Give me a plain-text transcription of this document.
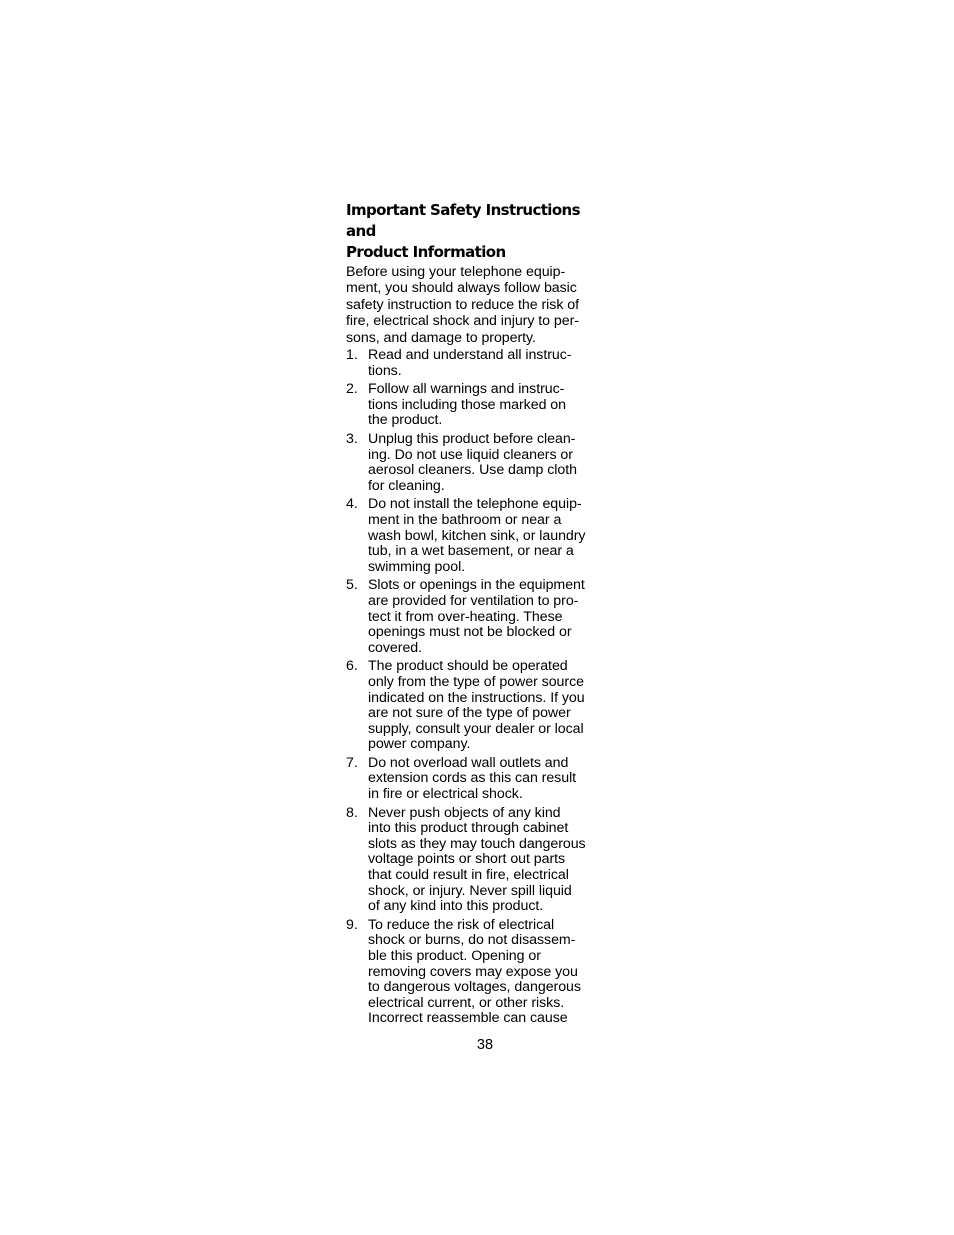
Important Safety Instructions and
Product Information

Before using your telephone equip-
ment, you should always follow basic
safety instruction to reduce the risk of
fire, electrical shock and injury to per-
sons, and damage to property.

1. Read and understand all instruc-
tions.
2. Follow all warnings and instruc-
tions including those marked on
the product.
3. Unplug this product before clean-
ing. Do not use liquid cleaners or
aerosol cleaners. Use damp cloth
for cleaning.
4. Do not install the telephone equip-
ment in the bathroom or near a
wash bowl, kitchen sink, or laundry
tub, in a wet basement, or near a
swimming pool.
5. Slots or openings in the equipment
are provided for ventilation to pro-
tect it from over-heating. These
openings must not be blocked or
covered.
6. The product should be operated
only from the type of power source
indicated on the instructions. If you
are not sure of the type of power
supply, consult your dealer or local
power company.
7. Do not overload wall outlets and
extension cords as this can result
in fire or electrical shock.
8. Never push objects of any kind
into this product through cabinet
slots as they may touch dangerous
voltage points or short out parts
that could result in fire, electrical
shock, or injury. Never spill liquid
of any kind into this product.
9. To reduce the risk of electrical
shock or burns, do not disassem-
ble this product. Opening or
removing covers may expose you
to dangerous voltages, dangerous
electrical current, or other risks.
Incorrect reassemble can cause
38
